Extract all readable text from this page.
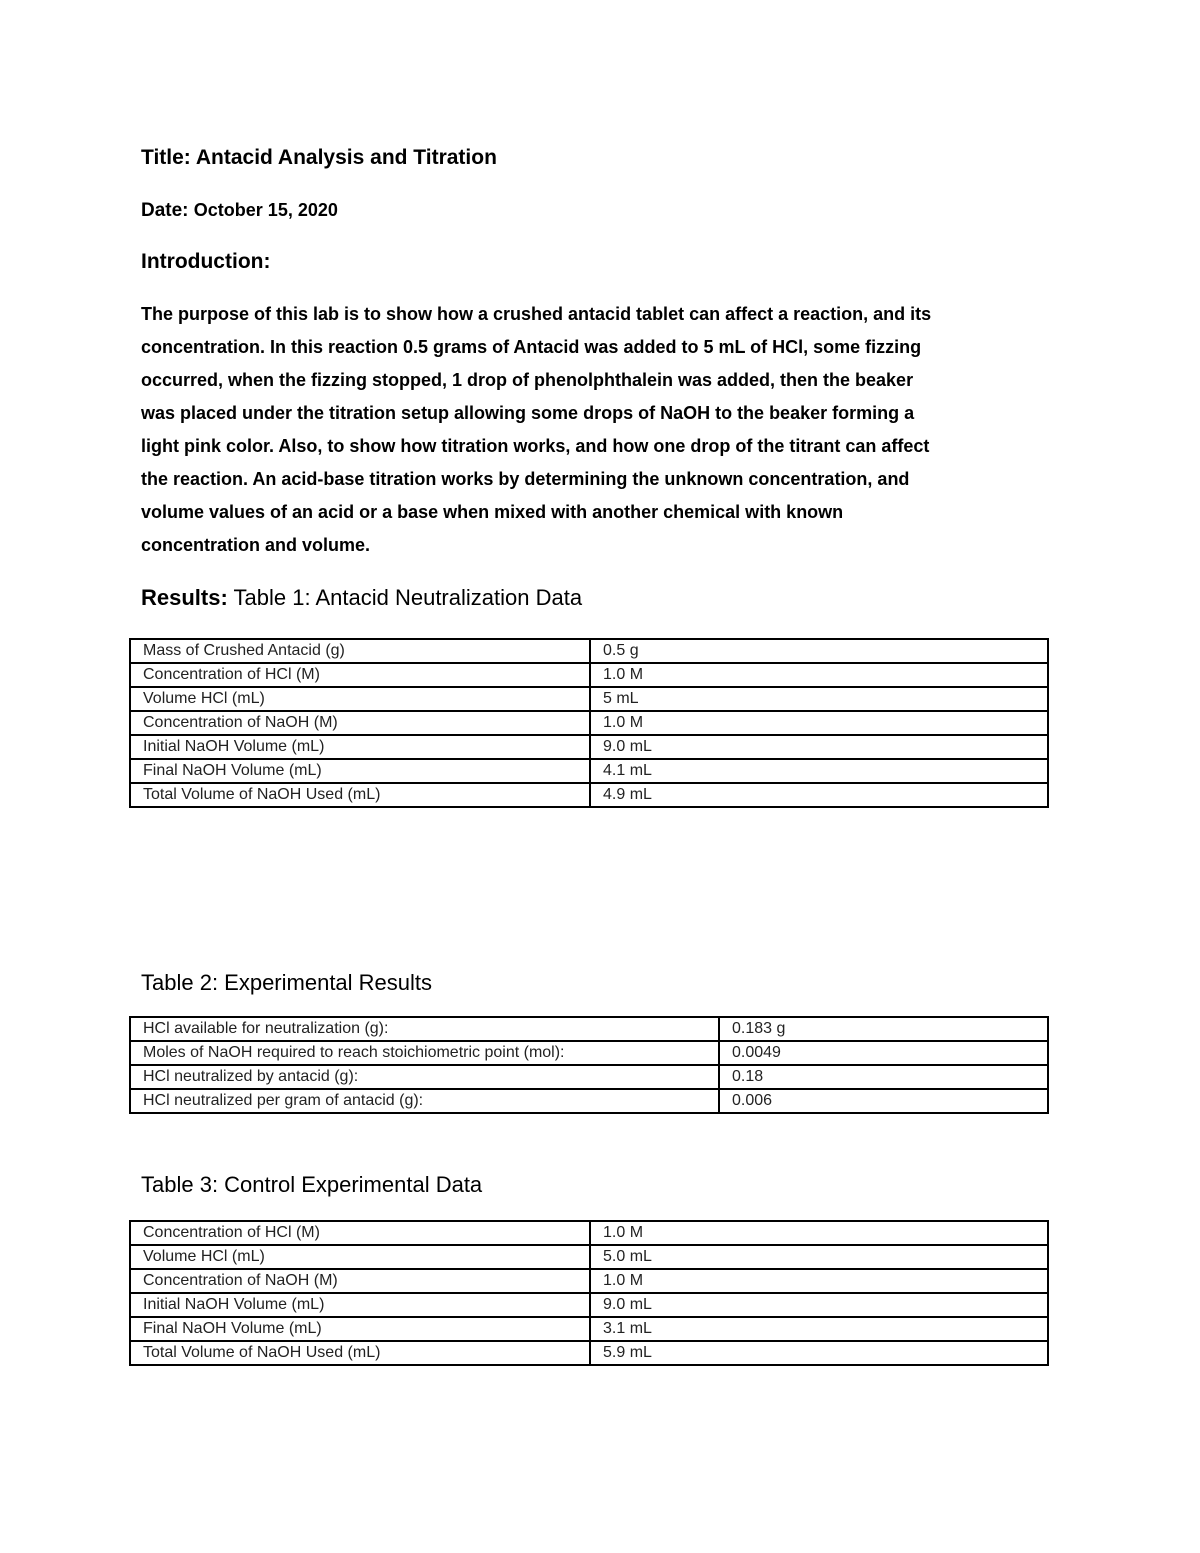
Title: Antacid Analysis and Titration
Date: October 15, 2020
Introduction:
The purpose of this lab is to show how a crushed antacid tablet can affect a reaction, and its
concentration. In this reaction 0.5 grams of Antacid was added to 5 mL of HCl, some fizzing
occurred, when the fizzing stopped, 1 drop of phenolphthalein was added, then the beaker
was placed under the titration setup allowing some drops of NaOH to the beaker forming a
light pink color. Also, to show how titration works, and how one drop of the titrant can affect
the reaction. An acid-base titration works by determining the unknown concentration, and
volume values of an acid or a base when mixed with another chemical with known
concentration and volume.
Results: Table 1: Antacid Neutralization Data
Mass of Crushed Antacid (g)	0.5 g
Concentration of HCl (M)	1.0 M
Volume HCl (mL)	5 mL
Concentration of NaOH (M)	1.0 M
Initial NaOH Volume (mL)	9.0 mL
Final NaOH Volume (mL)	4.1 mL
Total Volume of NaOH Used (mL)	4.9 mL
Table 2: Experimental Results
HCl available for neutralization (g):	0.183 g
Moles of NaOH required to reach stoichiometric point (mol):	0.0049
HCl neutralized by antacid (g):	0.18
HCl neutralized per gram of antacid (g):	0.006
Table 3: Control Experimental Data
Concentration of HCl (M)	1.0 M
Volume HCl (mL)	5.0 mL
Concentration of NaOH (M)	1.0 M
Initial NaOH Volume (mL)	9.0 mL
Final NaOH Volume (mL)	3.1 mL
Total Volume of NaOH Used (mL)	5.9 mL
